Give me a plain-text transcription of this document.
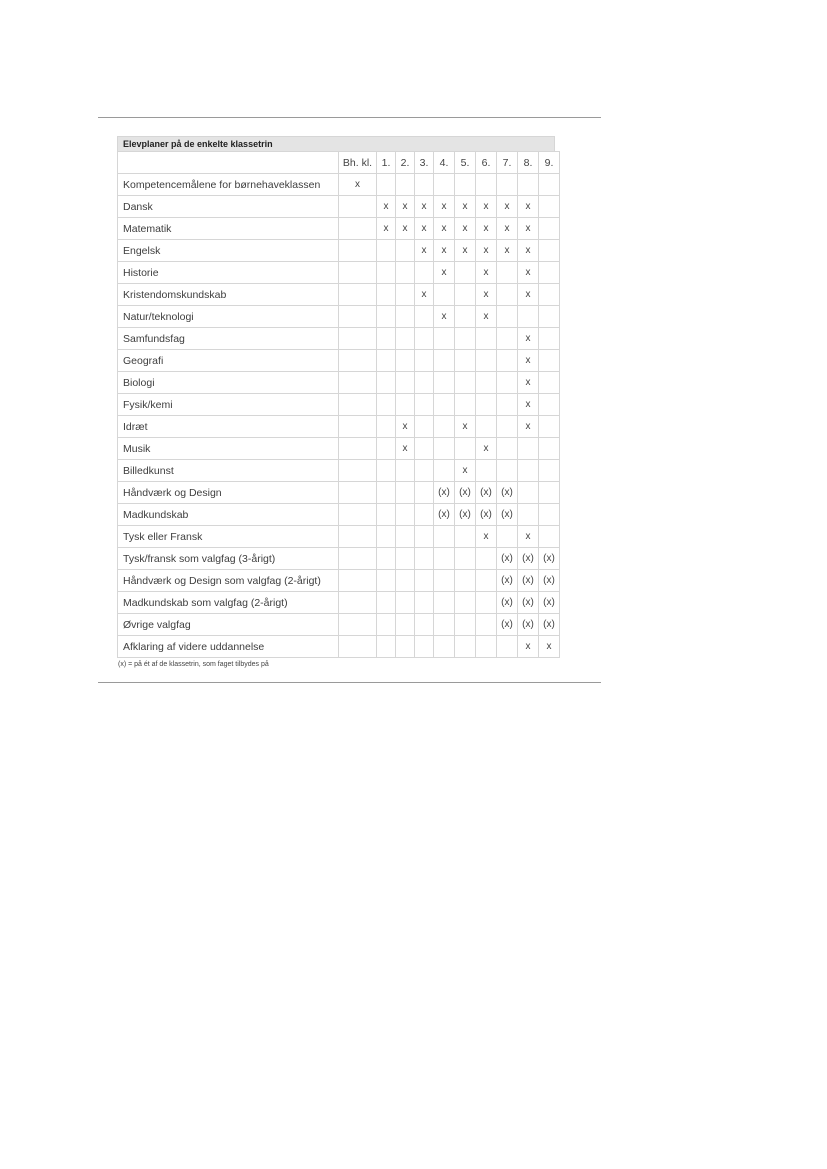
Elevplaner på de enkelte klassetrin
	Bh. kl.	1.	2.	3.	4.	5.	6.	7.	8.	9.
Kompetencemålene for børnehaveklassen	x									
Dansk		x	x	x	x	x	x	x	x	
Matematik		x	x	x	x	x	x	x	x	
Engelsk				x	x	x	x	x	x	
Historie					x		x		x	
Kristendomskundskab				x			x		x	
Natur/teknologi					x		x			
Samfundsfag									x	
Geografi									x	
Biologi									x	
Fysik/kemi									x	
Idræt			x			x			x	
Musik			x				x			
Billedkunst						x				
Håndværk og Design					(x)	(x)	(x)	(x)		
Madkundskab					(x)	(x)	(x)	(x)		
Tysk eller Fransk							x		x	
Tysk/fransk som valgfag (3-årigt)								(x)	(x)	(x)
Håndværk og Design som valgfag (2-årigt)								(x)	(x)	(x)
Madkundskab som valgfag (2-årigt)								(x)	(x)	(x)
Øvrige valgfag								(x)	(x)	(x)
Afklaring af videre uddannelse									x	x
(x) = på ét af de klassetrin, som faget tilbydes på
